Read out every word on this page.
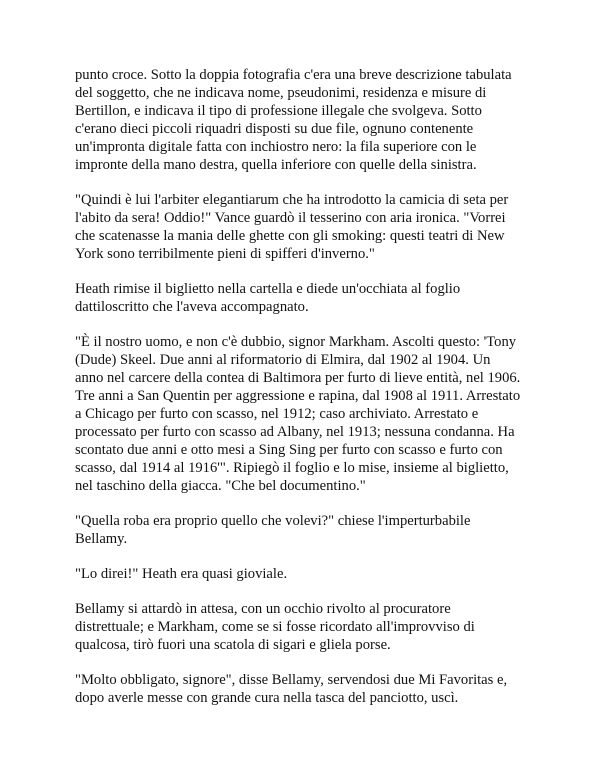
punto croce. Sotto la doppia fotografia c'era una breve descrizione tabulata
del soggetto, che ne indicava nome, pseudonimi, residenza e misure di
Bertillon, e indicava il tipo di professione illegale che svolgeva. Sotto
c'erano dieci piccoli riquadri disposti su due file, ognuno contenente
un'impronta digitale fatta con inchiostro nero: la fila superiore con le
impronte della mano destra, quella inferiore con quelle della sinistra.

"Quindi è lui l'arbiter elegantiarum che ha introdotto la camicia di seta per
l'abito da sera! Oddio!" Vance guardò il tesserino con aria ironica. "Vorrei
che scatenasse la mania delle ghette con gli smoking: questi teatri di New
York sono terribilmente pieni di spifferi d'inverno."

Heath rimise il biglietto nella cartella e diede un'occhiata al foglio
dattiloscritto che l'aveva accompagnato.

"È il nostro uomo, e non c'è dubbio, signor Markham. Ascolti questo: 'Tony
(Dude) Skeel. Due anni al riformatorio di Elmira, dal 1902 al 1904. Un
anno nel carcere della contea di Baltimora per furto di lieve entità, nel 1906.
Tre anni a San Quentin per aggressione e rapina, dal 1908 al 1911. Arrestato
a Chicago per furto con scasso, nel 1912; caso archiviato. Arrestato e
processato per furto con scasso ad Albany, nel 1913; nessuna condanna. Ha
scontato due anni e otto mesi a Sing Sing per furto con scasso e furto con
scasso, dal 1914 al 1916'". Ripiegò il foglio e lo mise, insieme al biglietto,
nel taschino della giacca. "Che bel documentino."

"Quella roba era proprio quello che volevi?" chiese l'imperturbabile
Bellamy.

"Lo direi!" Heath era quasi gioviale.

Bellamy si attardò in attesa, con un occhio rivolto al procuratore
distrettuale; e Markham, come se si fosse ricordato all'improvviso di
qualcosa, tirò fuori una scatola di sigari e gliela porse.

"Molto obbligato, signore", disse Bellamy, servendosi due Mi Favoritas e,
dopo averle messe con grande cura nella tasca del panciotto, uscì.
